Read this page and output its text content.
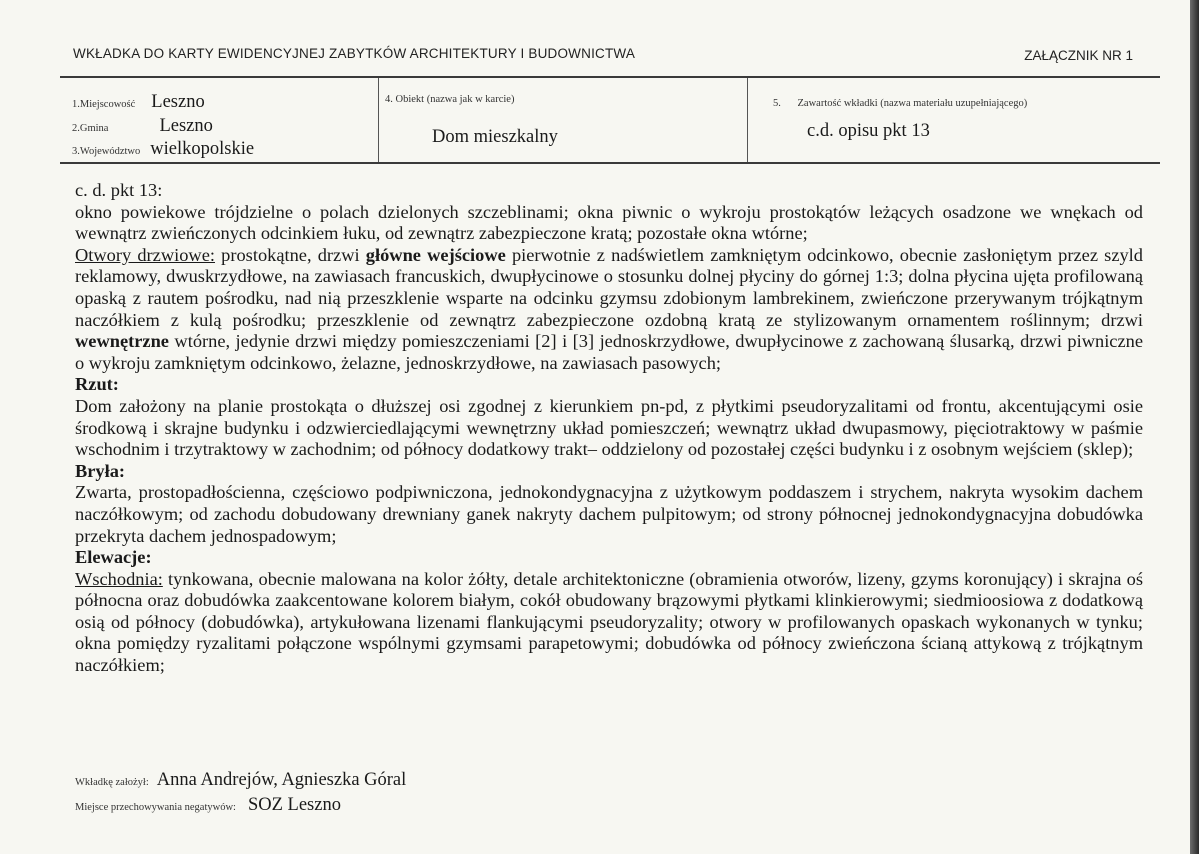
WKŁADKA DO KARTY EWIDENCYJNEJ ZABYTKÓW ARCHITEKTURY I BUDOWNICTWA	ZAŁĄCZNIK NR 1
1.Miejscowość Leszno
2.Gmina	Leszno
3.Województwo wielkopolskie
4. Obiekt (nazwa jak w karcie)
Dom mieszkalny
5. Zawartość wkładki (nazwa materiału uzupełniającego)
c.d. opisu pkt 13

c. d. pkt 13:

okno powiekowe trójdzielne o polach dzielonych szczeblinami; okna piwnic o wykroju prostokątów leżących osadzone we wnękach od wewnątrz zwieńczonych odcinkiem łuku, od zewnątrz zabezpieczone kratą; pozostałe okna wtórne;

Otwory drzwiowe: prostokątne, drzwi główne wejściowe pierwotnie z nadświetlem zamkniętym odcinkowo, obecnie zasłoniętym przez szyld reklamowy, dwuskrzydłowe, na zawiasach francuskich, dwupłycinowe o stosunku dolnej płyciny do górnej 1:3; dolna płycina ujęta profilowaną opaską z rautem pośrodku, nad nią przeszklenie wsparte na odcinku gzymsu zdobionym lambrekinem, zwieńczone przerywanym trójkątnym naczółkiem z kulą pośrodku; przeszklenie od zewnątrz zabezpieczone ozdobną kratą ze stylizowanym ornamentem roślinnym; drzwi wewnętrzne wtórne, jedynie drzwi między pomieszczeniami [2] i [3] jednoskrzydłowe, dwupłycinowe z zachowaną ślusarką, drzwi piwniczne o wykroju zamkniętym odcinkowo, żelazne, jednoskrzydłowe, na zawiasach pasowych;

Rzut:

Dom założony na planie prostokąta o dłuższej osi zgodnej z kierunkiem pn-pd, z płytkimi pseudoryzalitami od frontu, akcentującymi osie środkową i skrajne budynku i odzwierciedlającymi wewnętrzny układ pomieszczeń; wewnątrz układ dwupasmowy, pięciotraktowy w paśmie wschodnim i trzytraktowy w zachodnim; od północy dodatkowy trakt– oddzielony od pozostałej części budynku i z osobnym wejściem (sklep);

Bryła:

Zwarta, prostopadłościenna, częściowo podpiwniczona, jednokondygnacyjna z użytkowym poddaszem i strychem, nakryta wysokim dachem naczółkowym; od zachodu dobudowany drewniany ganek nakryty dachem pulpitowym; od strony północnej jednokondygnacyjna dobudówka przekryta dachem jednospadowym;

Elewacje:

Wschodnia: tynkowana, obecnie malowana na kolor żółty, detale architektoniczne (obramienia otworów, lizeny, gzyms koronujący) i skrajna oś północna oraz dobudówka zaakcentowane kolorem białym, cokół obudowany brązowymi płytkami klinkierowymi; siedmioosiowa z dodatkową osią od północy (dobudówka), artykułowana lizenami flankującymi pseudoryzality; otwory w profilowanych opaskach wykonanych w tynku; okna pomiędzy ryzalitami połączone wspólnymi gzymsami parapetowymi; dobudówka od północy zwieńczona ścianą attykową z trójkątnym naczółkiem;

Wkładkę założył: Anna Andrejów, Agnieszka Góral
Miejsce przechowywania negatywów: SOZ Leszno
